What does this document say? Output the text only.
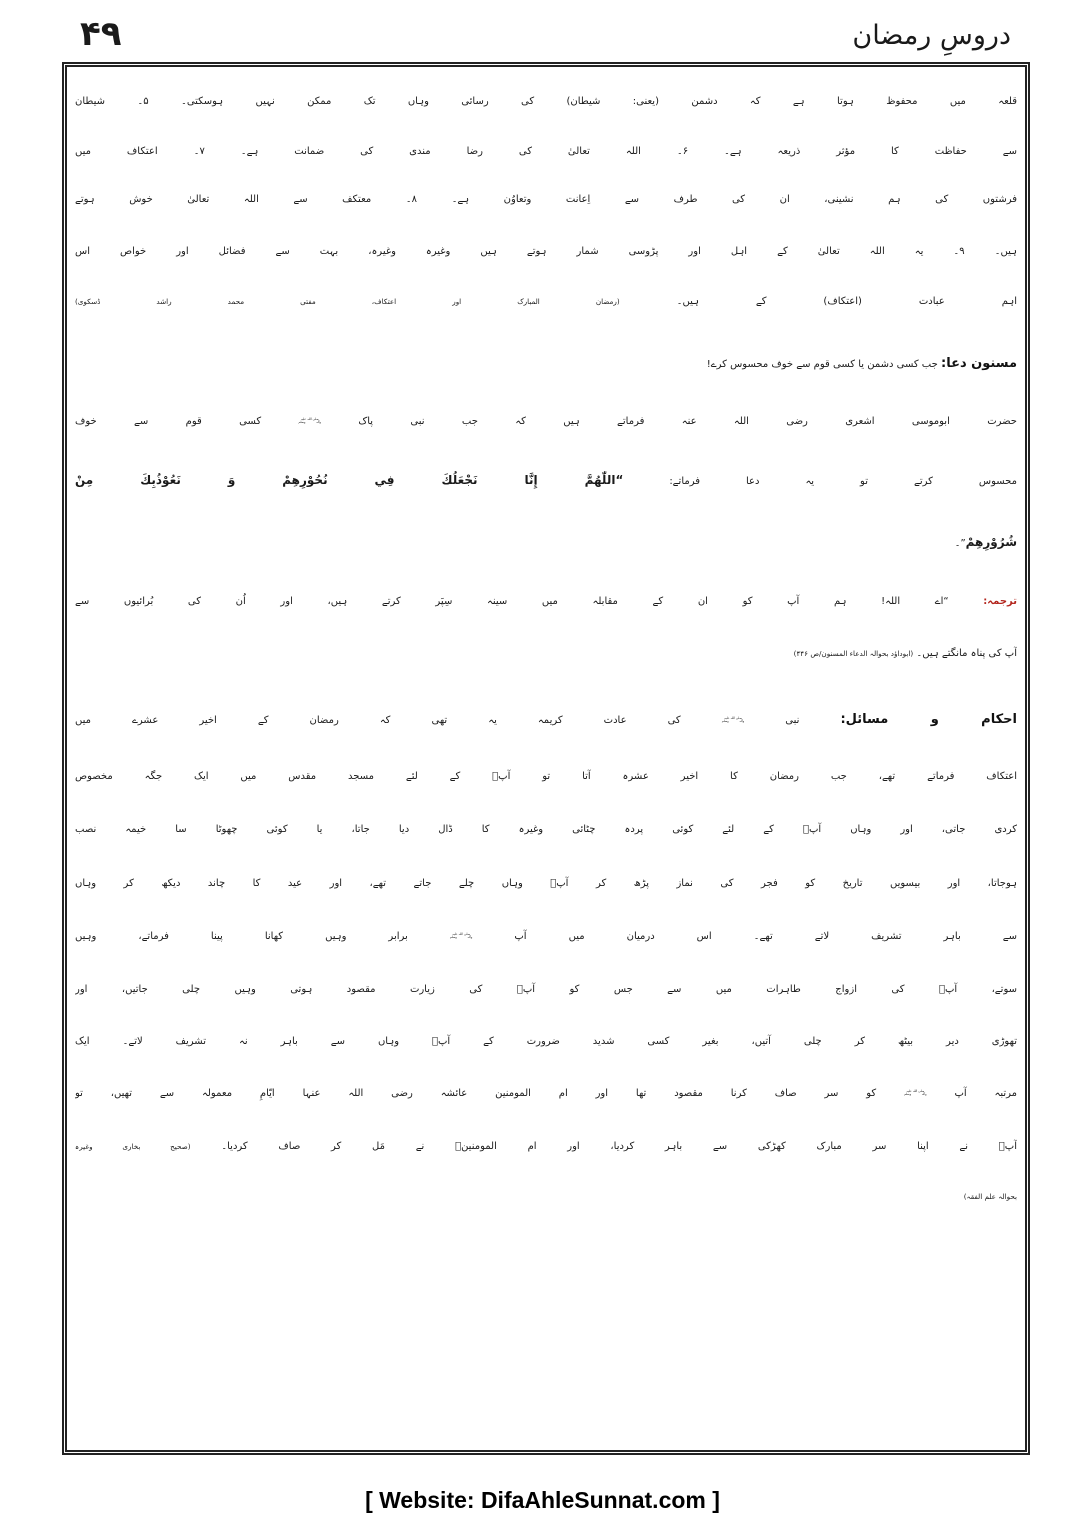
۴۹	دروسِ رمضان
قلعہ میں محفوظ ہوتا ہے کہ دشمن (یعنی: شیطان) کی رسائی وہاں تک ممکن نہیں ہوسکتی۔ ۵۔ شیطان
سے حفاظت کا مؤثر ذریعہ ہے۔ ۶۔ اللہ تعالیٰ کی رضا مندی کی ضمانت ہے۔ ۷۔ اعتکاف میں
فرشتوں کی ہم نشینی، ان کی طرف سے اِعانت وتعاوُن ہے۔ ۸۔ معتکف سے اللہ تعالیٰ خوش ہوتے
ہیں۔ ۹۔ یہ اللہ تعالیٰ کے اہل اور پڑوسی شمار ہوتے ہیں وغیرہ وغیرہ، بہت سے فضائل اور خواص اس
اہم عبادت (اعتکاف) کے ہیں۔ (رمضان المبارک اور اعتکاف، مفتی محمد راشد ڈسکوی)
مسنون دعا: جب کسی دشمن یا کسی قوم سے خوف محسوس کرے!
حضرت ابوموسی اشعری رضی اللہ عنہ فرماتے ہیں کہ جب نبی پاک صلی اللہ علیہ وآلہ وسلم کسی قوم سے خوف
محسوس کرتے تو یہ دعا فرماتے: “اللّٰهُمَّ إِنَّا نَجْعَلُكَ فِي نُحُوْرِهِمْ وَ نَعُوْذُبِكَ مِنْ
شُرُوْرِهِمْ”۔
ترجمہ: “اے اللہ! ہم آپ کو ان کے مقابلہ میں سینہ سِپَر کرتے ہیں، اور اُن کی بُرائیوں سے
آپ کی پناہ مانگتے ہیں۔ (ابوداؤد بحوالہ الدعاء المسنون/ص ۴۴۶)
احکام و مسائل: نبی صلی اللہ علیہ وآلہ وسلم کی عادت کریمہ یہ تھی کہ رمضان کے اخیر عشرے میں
اعتکاف فرماتے تھے، جب رمضان کا اخیر عشرہ آتا تو آپؐ کے لئے مسجد مقدس میں ایک جگہ مخصوص
کردی جاتی، اور وہاں آپؐ کے لئے کوئی پردہ چٹائی وغیرہ کا ڈال دیا جاتا، یا کوئی چھوٹا سا خیمہ نصب
ہوجاتا، اور بیسویں تاریخ کو فجر کی نماز پڑھ کر آپؐ وہاں چلے جاتے تھے، اور عید کا چاند دیکھ کر وہاں
سے باہر تشریف لاتے تھے۔ اس درمیان میں آپ صلی اللہ علیہ وآلہ وسلم برابر وہیں کھانا پینا فرماتے، وہیں
سوتے، آپؐ کی ازواج طاہرات میں سے جس کو آپؐ کی زیارت مقصود ہوتی وہیں چلی جاتیں، اور
تھوڑی دیر بیٹھ کر چلی آتیں، بغیر کسی شدید ضرورت کے آپؐ وہاں سے باہر نہ تشریف لاتے۔ ایک
مرتبہ آپ صلی اللہ علیہ وآلہ وسلم کو سر صاف کرنا مقصود تھا اور ام المومنین عائشہ رضی اللہ عنہا ایّامِ معمولہ سے تھیں، تو
آپؐ نے اپنا سر مبارک کھڑکی سے باہر کردیا، اور ام المومنینؓ نے مَل کر صاف کردیا۔ (صحیح بخاری وغیرہ
بحوالہ علم الفقہ)
[ Website: DifaAhleSunnat.com ]
